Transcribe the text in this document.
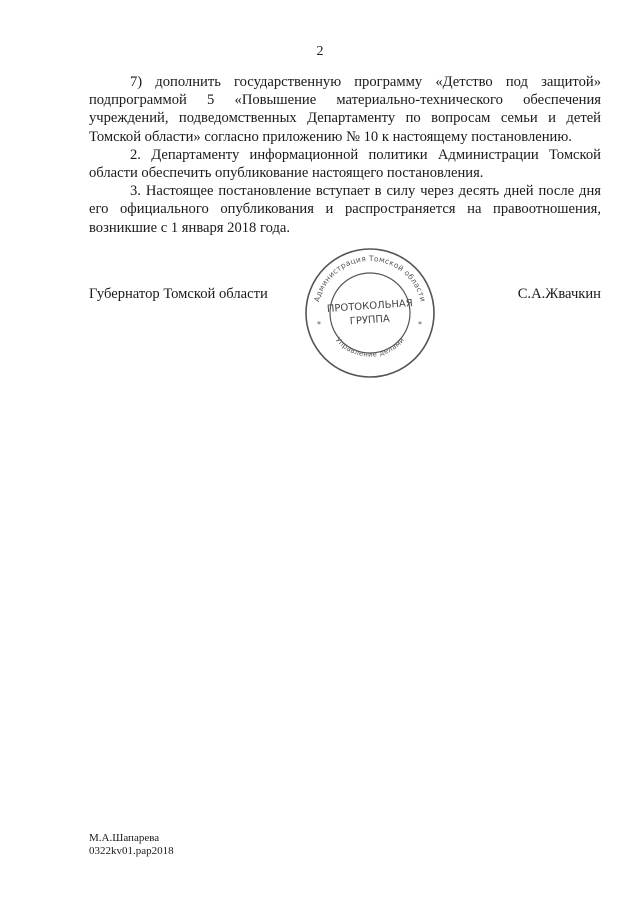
2

7) дополнить государственную программу «Детство под защитой» подпрограммой 5 «Повышение материально-технического обеспечения учреждений, подведомственных Департаменту по вопросам семьи и детей Томской области» согласно приложению № 10 к настоящему постановлению.

2. Департаменту информационной политики Администрации Томской области обеспечить опубликование настоящего постановления.

3. Настоящее постановление вступает в силу через десять дней после дня его официального опубликования и распространяется на правоотношения, возникшие с 1 января 2018 года.

Губернатор Томской области	С.А.Жвачкин
Администрация Томской области
Управление делами
*	*
ПРОТОКОЛЬНАЯ
ГРУППА
М.А.Шапарева
0322kv01.pap2018
